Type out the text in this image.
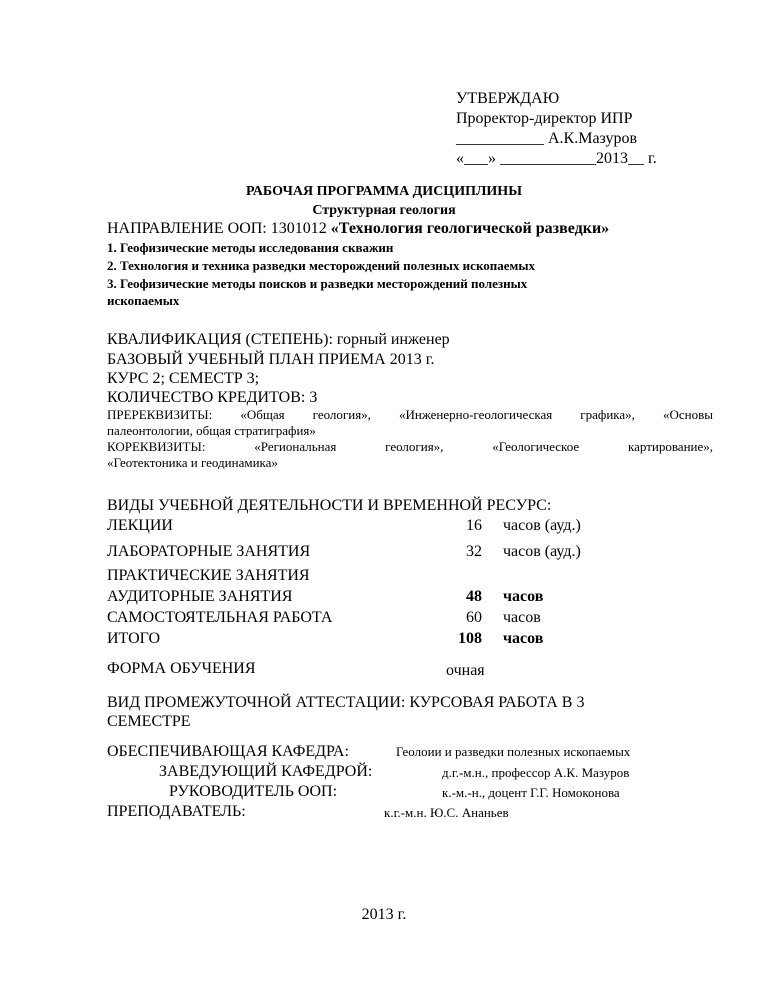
УТВЕРЖДАЮ
Проректор-директор ИПР
___________ А.К.Мазуров
«___» ____________2013__ г.
РАБОЧАЯ ПРОГРАММА ДИСЦИПЛИНЫ
Структурная геология
НАПРАВЛЕНИЕ ООП: 1301012 «Технология геологической разведки»
1. Геофизические методы исследования скважин
2. Технология и техника разведки месторождений полезных ископаемых
3. Геофизические методы поисков и разведки месторождений полезных
ископаемых
КВАЛИФИКАЦИЯ (СТЕПЕНЬ): горный инженер
БАЗОВЫЙ УЧЕБНЫЙ ПЛАН ПРИЕМА 2013 г.
КУРС 2; СЕМЕСТР 3;
КОЛИЧЕСТВО КРЕДИТОВ: 3
ПРЕРЕКВИЗИТЫ: «Общая геология», «Инженерно-геологическая графика», «Основы
палеонтологии, общая стратиграфия»
КОРЕКВИЗИТЫ: «Региональная геология», «Геологическое картирование»,
«Геотектоника и геодинамика»
ВИДЫ УЧЕБНОЙ ДЕЯТЕЛЬНОСТИ И ВРЕМЕННОЙ РЕСУРС:
ЛЕКЦИИ	16 часов (ауд.)
ЛАБОРАТОРНЫЕ ЗАНЯТИЯ	32 часов (ауд.)
ПРАКТИЧЕСКИЕ ЗАНЯТИЯ
АУДИТОРНЫЕ ЗАНЯТИЯ	48 часов
САМОСТОЯТЕЛЬНАЯ РАБОТА	60 часов
ИТОГО	108 часов
ФОРМА ОБУЧЕНИЯ	очная
ВИД ПРОМЕЖУТОЧНОЙ АТТЕСТАЦИИ: КУРСОВАЯ РАБОТА В 3
СЕМЕСТРЕ
ОБЕСПЕЧИВАЮЩАЯ КАФЕДРА:	Геолоии и разведки полезных ископаемых
ЗАВЕДУЮЩИЙ КАФЕДРОЙ:	д.г.-м.н., профессор А.К. Мазуров
РУКОВОДИТЕЛЬ ООП:	к.-м.-н., доцент Г.Г. Номоконова
ПРЕПОДАВАТЕЛЬ:	к.г.-м.н. Ю.С. Ананьев
2013 г.
